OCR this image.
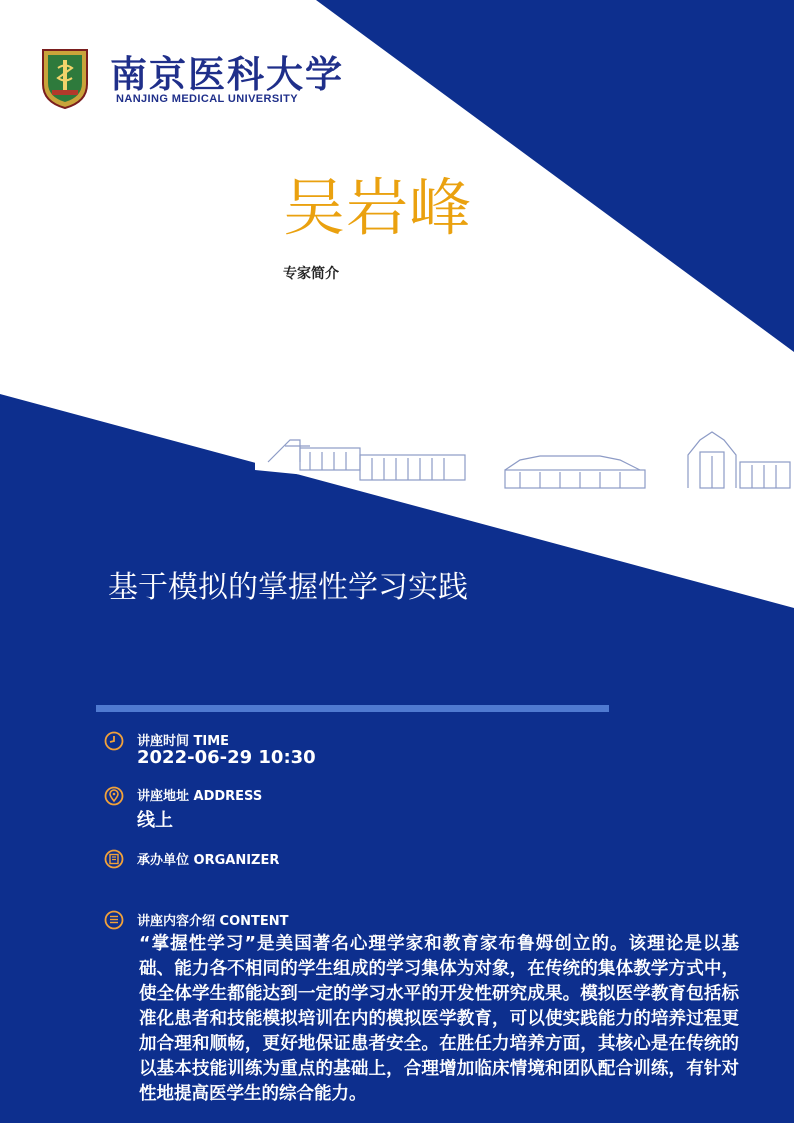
南京医科大学
NANJING MEDICAL UNIVERSITY
吴岩峰
专家简介
基于模拟的掌握性学习实践
讲座时间 TIME
2022-06-29 10:30
讲座地址 ADDRESS
线上
承办单位 ORGANIZER
讲座内容介绍 CONTENT
“掌握性学习”是美国著名心理学家和教育家布鲁姆创立的。该理论是以基础、能力各不相同的学生组成的学习集体为对象，在传统的集体教学方式中，使全体学生都能达到一定的学习水平的开发性研究成果。模拟医学教育包括标准化患者和技能模拟培训在内的模拟医学教育，可以使实践能力的培养过程更加合理和顺畅，更好地保证患者安全。在胜任力培养方面，其核心是在传统的以基本技能训练为重点的基础上，合理增加临床情境和团队配合训练，有针对性地提高医学生的综合能力。
